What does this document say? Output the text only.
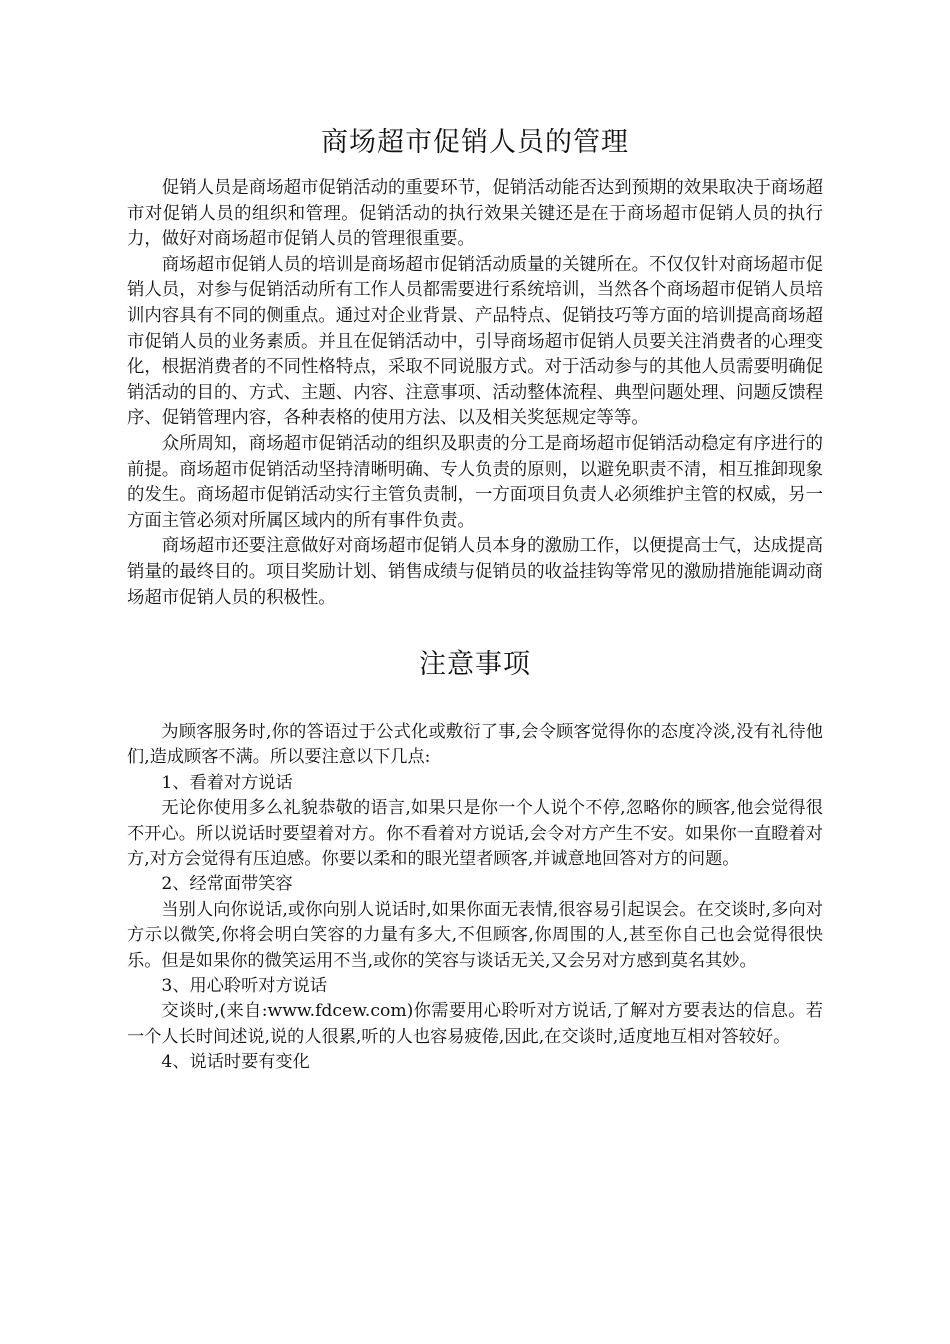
商场超市促销人员的管理

促销人员是商场超市促销活动的重要环节，促销活动能否达到预期的效果取决于商场超市对促销人员的组织和管理。促销活动的执行效果关键还是在于商场超市促销人员的执行力，做好对商场超市促销人员的管理很重要。

商场超市促销人员的培训是商场超市促销活动质量的关键所在。不仅仅针对商场超市促销人员，对参与促销活动所有工作人员都需要进行系统培训，当然各个商场超市促销人员培训内容具有不同的侧重点。通过对企业背景、产品特点、促销技巧等方面的培训提高商场超市促销人员的业务素质。并且在促销活动中，引导商场超市促销人员要关注消费者的心理变化，根据消费者的不同性格特点，采取不同说服方式。对于活动参与的其他人员需要明确促销活动的目的、方式、主题、内容、注意事项、活动整体流程、典型问题处理、问题反馈程序、促销管理内容，各种表格的使用方法、以及相关奖惩规定等等。

众所周知，商场超市促销活动的组织及职责的分工是商场超市促销活动稳定有序进行的前提。商场超市促销活动坚持清晰明确、专人负责的原则，以避免职责不清，相互推卸现象的发生。商场超市促销活动实行主管负责制，一方面项目负责人必须维护主管的权威，另一方面主管必须对所属区域内的所有事件负责。

商场超市还要注意做好对商场超市促销人员本身的激励工作，以便提高士气，达成提高销量的最终目的。项目奖励计划、销售成绩与促销员的收益挂钩等常见的激励措施能调动商场超市促销人员的积极性。

注意事项

为顾客服务时,你的答语过于公式化或敷衍了事,会令顾客觉得你的态度冷淡,没有礼待他们,造成顾客不满。所以要注意以下几点:

1、看着对方说话

无论你使用多么礼貌恭敬的语言,如果只是你一个人说个不停,忽略你的顾客,他会觉得很不开心。所以说话时要望着对方。你不看着对方说话,会令对方产生不安。如果你一直瞪着对方,对方会觉得有压迫感。你要以柔和的眼光望者顾客,并诚意地回答对方的问题。

2、经常面带笑容

当别人向你说话,或你向别人说话时,如果你面无表情,很容易引起误会。在交谈时,多向对方示以微笑,你将会明白笑容的力量有多大,不但顾客,你周围的人,甚至你自己也会觉得很快乐。但是如果你的微笑运用不当,或你的笑容与谈话无关,又会另对方感到莫名其妙。

3、用心聆听对方说话

交谈时,(来自:www.fdcew.com)你需要用心聆听对方说话,了解对方要表达的信息。若一个人长时间述说,说的人很累,听的人也容易疲倦,因此,在交谈时,适度地互相对答较好。

4、说话时要有变化
